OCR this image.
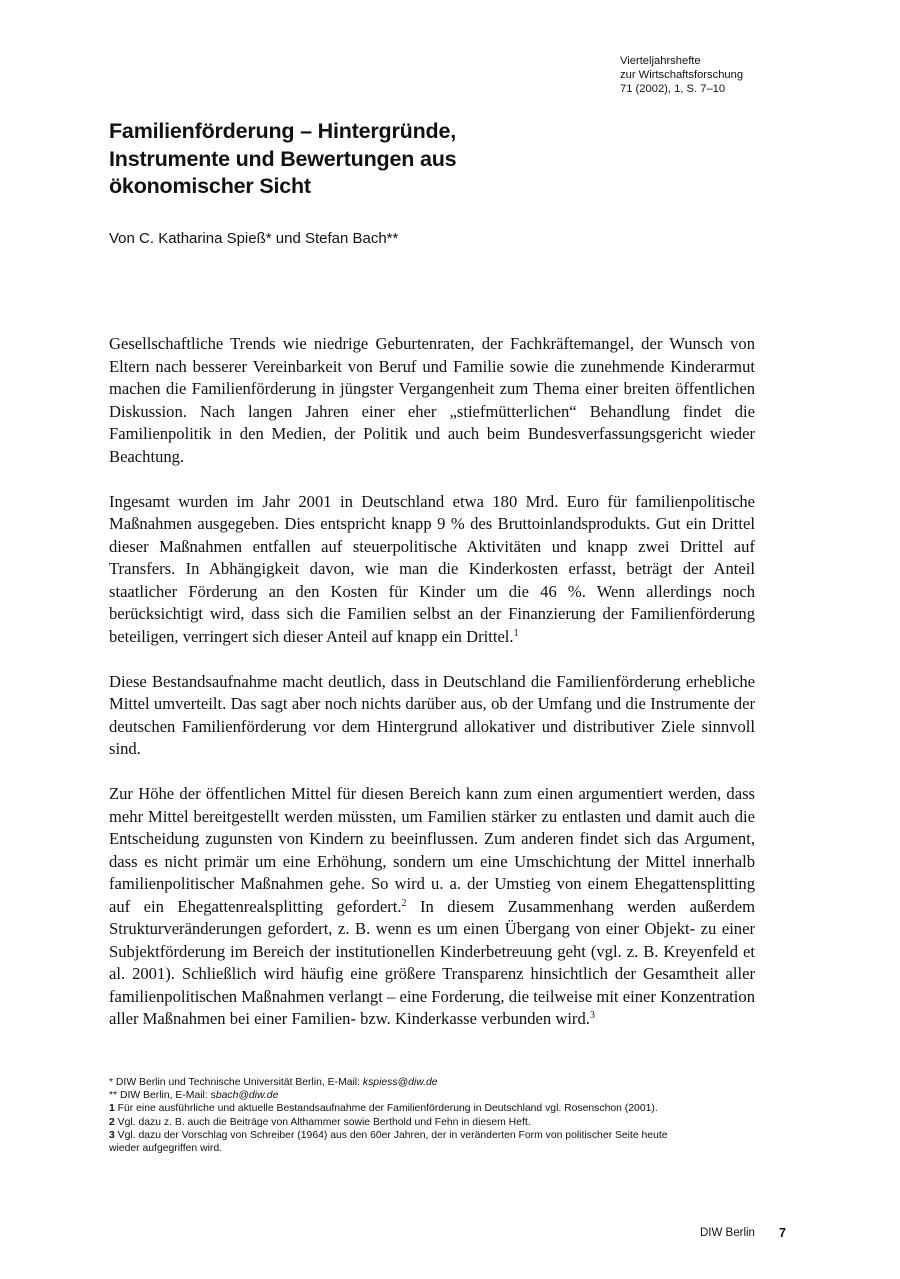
Vierteljahrshefte
zur Wirtschaftsforschung
71 (2002), 1, S. 7–10
Familienförderung – Hintergründe,
Instrumente und Bewertungen aus
ökonomischer Sicht
Von C. Katharina Spieß* und Stefan Bach**

Gesellschaftliche Trends wie niedrige Geburtenraten, der Fachkräftemangel, der Wunsch von Eltern nach besserer Vereinbarkeit von Beruf und Familie sowie die zunehmende Kinderarmut machen die Familienförderung in jüngster Vergangenheit zum Thema einer breiten öffentlichen Diskussion. Nach langen Jahren einer eher „stiefmütterlichen“ Behandlung findet die Familienpolitik in den Medien, der Politik und auch beim Bundesverfassungsgericht wieder Beachtung.

Ingesamt wurden im Jahr 2001 in Deutschland etwa 180 Mrd. Euro für familienpolitische Maßnahmen ausgegeben. Dies entspricht knapp 9 % des Bruttoinlandsprodukts. Gut ein Drittel dieser Maßnahmen entfallen auf steuerpolitische Aktivitäten und knapp zwei Drittel auf Transfers. In Abhängigkeit davon, wie man die Kinderkosten erfasst, beträgt der Anteil staatlicher Förderung an den Kosten für Kinder um die 46 %. Wenn allerdings noch berücksichtigt wird, dass sich die Familien selbst an der Finanzierung der Familienförderung beteiligen, verringert sich dieser Anteil auf knapp ein Drittel.$^1$

Diese Bestandsaufnahme macht deutlich, dass in Deutschland die Familienförderung erhebliche Mittel umverteilt. Das sagt aber noch nichts darüber aus, ob der Umfang und die Instrumente der deutschen Familienförderung vor dem Hintergrund allokativer und distributiver Ziele sinnvoll sind.

Zur Höhe der öffentlichen Mittel für diesen Bereich kann zum einen argumentiert werden, dass mehr Mittel bereitgestellt werden müssten, um Familien stärker zu entlasten und damit auch die Entscheidung zugunsten von Kindern zu beeinflussen. Zum anderen findet sich das Argument, dass es nicht primär um eine Erhöhung, sondern um eine Umschichtung der Mittel innerhalb familienpolitischer Maßnahmen gehe. So wird u. a. der Umstieg von einem Ehegattensplitting auf ein Ehegattenrealsplitting gefordert.$^2$ In diesem Zusammenhang werden außerdem Strukturveränderungen gefordert, z. B. wenn es um einen Übergang von einer Objekt- zu einer Subjektförderung im Bereich der institutionellen Kinderbetreuung geht (vgl. z. B. Kreyenfeld et al. 2001). Schließlich wird häufig eine größere Transparenz hinsichtlich der Gesamtheit aller familienpolitischen Maßnahmen verlangt – eine Forderung, die teilweise mit einer Konzentration aller Maßnahmen bei einer Familien- bzw. Kinderkasse verbunden wird.$^3$

* DIW Berlin und Technische Universität Berlin, E-Mail: kspiess@diw.de

** DIW Berlin, E-Mail: sbach@diw.de

1 Für eine ausführliche und aktuelle Bestandsaufnahme der Familienförderung in Deutschland vgl. Rosenschon (2001).

2 Vgl. dazu z. B. auch die Beiträge von Althammer sowie Berthold und Fehn in diesem Heft.

3 Vgl. dazu der Vorschlag von Schreiber (1964) aus den 60er Jahren, der in veränderten Form von politischer Seite heute wieder aufgegriffen wird.

DIW Berlin 7
